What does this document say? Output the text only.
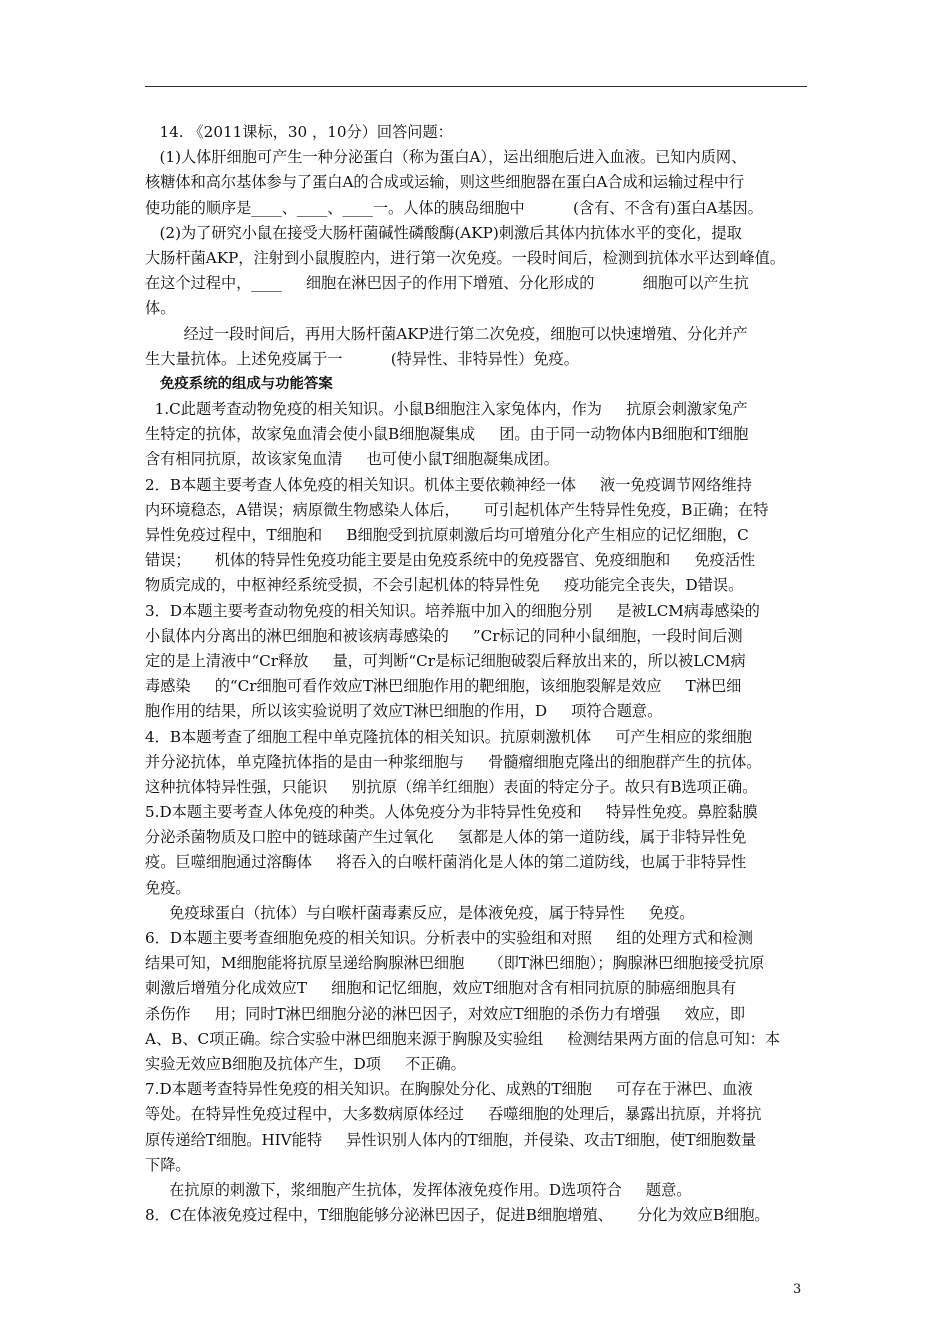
14. 《2011课标，30 ，10分）回答问题：
(1)人体肝细胞可产生一种分泌蛋白（称为蛋白A），运出细胞后进入血液。已知内质网、
核糖体和高尔基体参与了蛋白A的合成或运输，则这些细胞器在蛋白A合成和运输过程中行
使功能的顺序是____、____、____一。人体的胰岛细胞中          (含有、不含有)蛋白A基因。
(2)为了研究小鼠在接受大肠杆菌碱性磷酸酶(AKP)刺激后其体内抗体水平的变化，提取
大肠杆菌AKP，注射到小鼠腹腔内，进行第一次免疫。一段时间后，检测到抗体水平达到峰值。
在这个过程中，____     细胞在淋巴因子的作用下增殖、分化形成的          细胞可以产生抗
体。
经过一段时间后，再用大肠杆菌AKP进行第二次免疫，细胞可以快速增殖、分化并产
生大量抗体。上述免疫属于一          (特异性、非特异性）免疫。
免疫系统的组成与功能答案
1.C此题考查动物免疫的相关知识。小鼠B细胞注入家兔体内，作为     抗原会刺激家兔产
生特定的抗体，故家兔血清会使小鼠B细胞凝集成     团。由于同一动物体内B细胞和T细胞
含有相同抗原，故该家兔血清     也可使小鼠T细胞凝集成团。
2．B本题主要考查人体免疫的相关知识。机体主要依赖神经一体     液一免疫调节网络维持
内环境稳态，A错误；病原微生物感染人体后，     可引起机体产生特异性免疫，B正确；在特
异性免疫过程中，T细胞和     B细胞受到抗原刺激后均可增殖分化产生相应的记忆细胞，C
错误；     机体的特异性免疫功能主要是由免疫系统中的免疫器官、免疫细胞和     免疫活性
物质完成的，中枢神经系统受损，不会引起机体的特异性免     疫功能完全丧失，D错误。
3．D本题主要考查动物免疫的相关知识。培养瓶中加入的细胞分别     是被LCM病毒感染的
小鼠体内分离出的淋巴细胞和被该病毒感染的     ”Cr标记的同种小鼠细胞，一段时间后测
定的是上清液中“Cr释放     量，可判断“Cr是标记细胞破裂后释放出来的，所以被LCM病
毒感染     的“Cr细胞可看作效应T淋巴细胞作用的靶细胞，该细胞裂解是效应     T淋巴细
胞作用的结果，所以该实验说明了效应T淋巴细胞的作用，D     项符合题意。
4．B本题考查了细胞工程中单克隆抗体的相关知识。抗原刺激机体     可产生相应的浆细胞
并分泌抗体，单克隆抗体指的是由一种浆细胞与     骨髓瘤细胞克隆出的细胞群产生的抗体。
这种抗体特异性强，只能识     别抗原（绵羊红细胞）表面的特定分子。故只有B选项正确。
5.D本题主要考查人体免疫的种类。人体免疫分为非特异性免疫和     特异性免疫。鼻腔黏膜
分泌杀菌物质及口腔中的链球菌产生过氧化     氢都是人体的第一道防线，属于非特异性免
疫。巨噬细胞通过溶酶体     将吞入的白喉杆菌消化是人体的第二道防线，也属于非特异性
免疫。
免疫球蛋白（抗体）与白喉杆菌毒素反应，是体液免疫，属于特异性     免疫。
6．D本题主要考查细胞免疫的相关知识。分析表中的实验组和对照     组的处理方式和检测
结果可知，M细胞能将抗原呈递给胸腺淋巴细胞     （即T淋巴细胞）；胸腺淋巴细胞接受抗原
刺激后增殖分化成效应T     细胞和记忆细胞，效应T细胞对含有相同抗原的肺癌细胞具有
杀伤作     用；同时T淋巴细胞分泌的淋巴因子，对效应T细胞的杀伤力有增强     效应，即
A、B、C项正确。综合实验中淋巴细胞来源于胸腺及实验组     检测结果两方面的信息可知：本
实验无效应B细胞及抗体产生，D项     不正确。
7.D本题考查特异性免疫的相关知识。在胸腺处分化、成熟的T细胞     可存在于淋巴、血液
等处。在特异性免疫过程中，大多数病原体经过     吞噬细胞的处理后，暴露出抗原，并将抗
原传递给T细胞。HIV能特     异性识别人体内的T细胞，并侵染、攻击T细胞，使T细胞数量
下降。
在抗原的刺激下，浆细胞产生抗体，发挥体液免疫作用。D选项符合     题意。
8．C在体液免疫过程中，T细胞能够分泌淋巴因子，促进B细胞增殖、     分化为效应B细胞。
3
